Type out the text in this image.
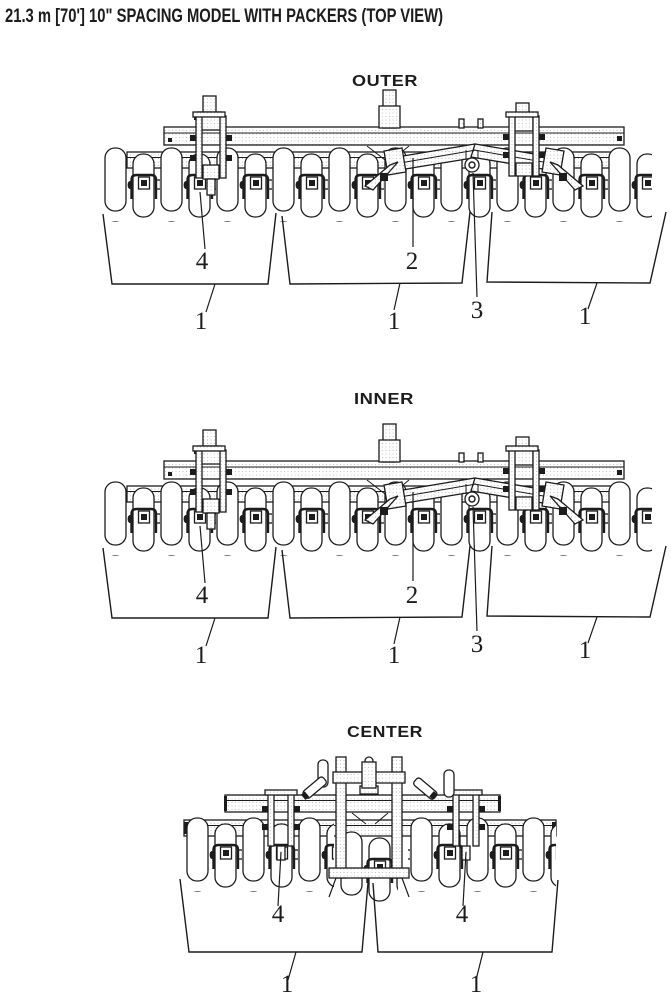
21.3 m [70'] 10" SPACING MODEL WITH PACKERS (TOP VIEW)
OUTER
4	2
3
1	1	1
INNER
4	2
3
1	1	1
CENTER
4	4
1	1
